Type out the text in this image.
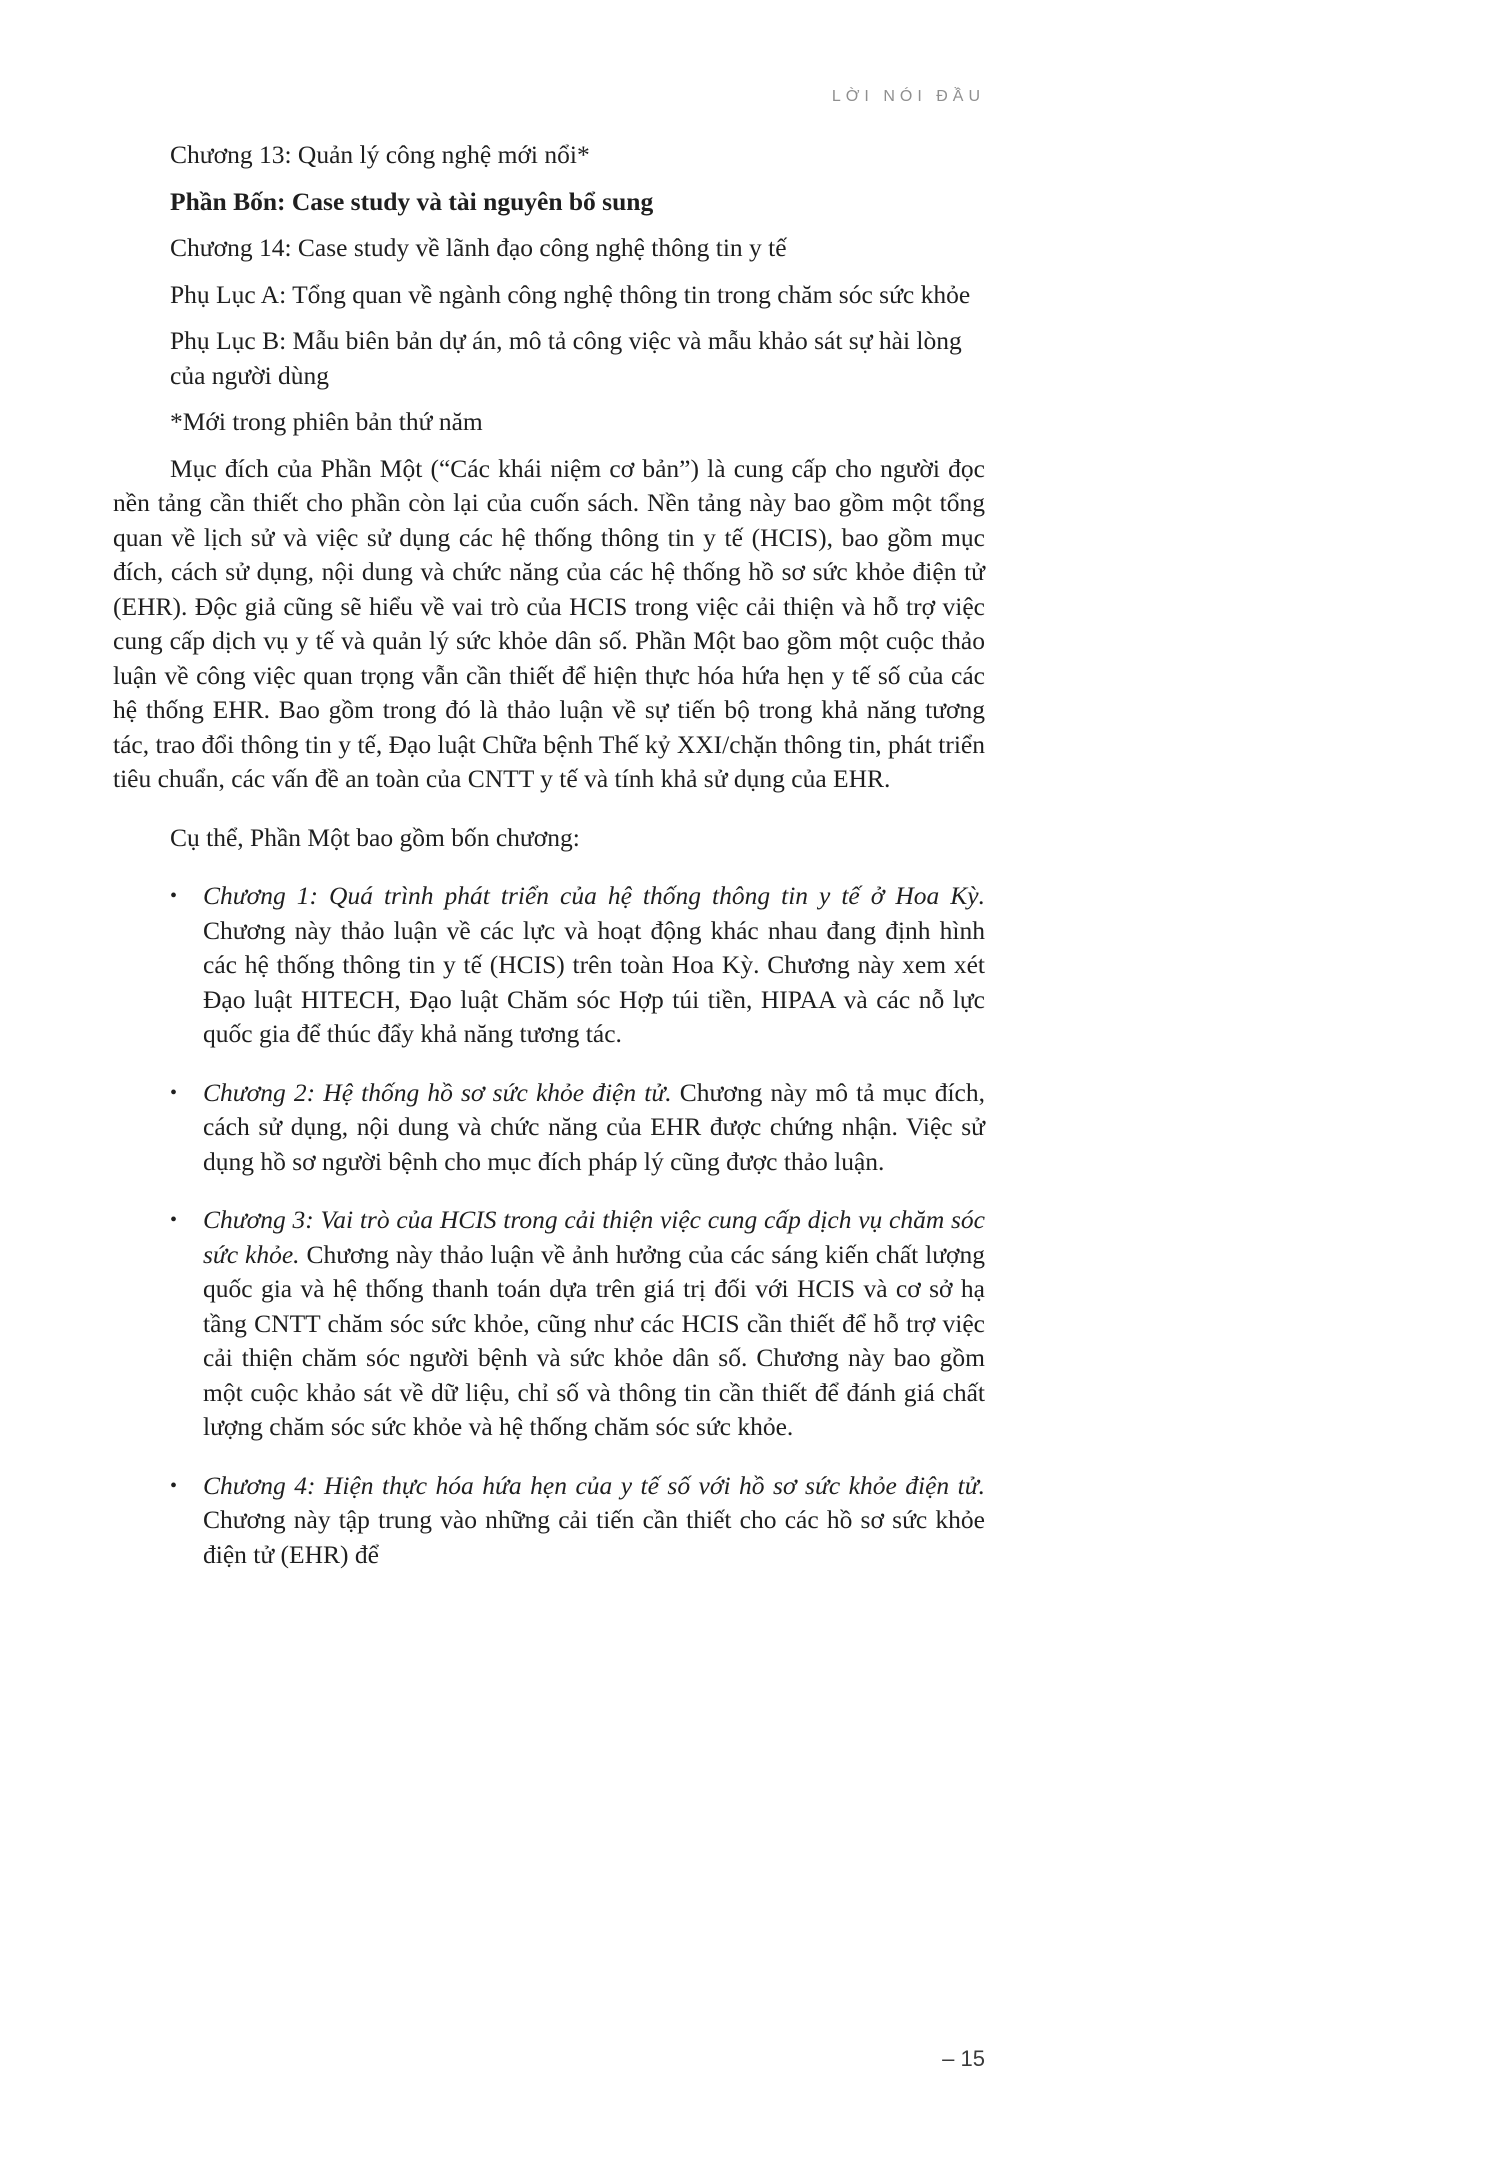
LỜI NÓI ĐẦU

Chương 13: Quản lý công nghệ mới nổi*

Phần Bốn: Case study và tài nguyên bổ sung

Chương 14: Case study về lãnh đạo công nghệ thông tin y tế

Phụ Lục A: Tổng quan về ngành công nghệ thông tin trong chăm sóc sức khỏe

Phụ Lục B: Mẫu biên bản dự án, mô tả công việc và mẫu khảo sát sự hài lòng của người dùng

*Mới trong phiên bản thứ năm

Mục đích của Phần Một (“Các khái niệm cơ bản”) là cung cấp cho người đọc nền tảng cần thiết cho phần còn lại của cuốn sách. Nền tảng này bao gồm một tổng quan về lịch sử và việc sử dụng các hệ thống thông tin y tế (HCIS), bao gồm mục đích, cách sử dụng, nội dung và chức năng của các hệ thống hồ sơ sức khỏe điện tử (EHR). Độc giả cũng sẽ hiểu về vai trò của HCIS trong việc cải thiện và hỗ trợ việc cung cấp dịch vụ y tế và quản lý sức khỏe dân số. Phần Một bao gồm một cuộc thảo luận về công việc quan trọng vẫn cần thiết để hiện thực hóa hứa hẹn y tế số của các hệ thống EHR. Bao gồm trong đó là thảo luận về sự tiến bộ trong khả năng tương tác, trao đổi thông tin y tế, Đạo luật Chữa bệnh Thế kỷ XXI/chặn thông tin, phát triển tiêu chuẩn, các vấn đề an toàn của CNTT y tế và tính khả sử dụng của EHR.

Cụ thể, Phần Một bao gồm bốn chương:

•	Chương 1: Quá trình phát triển của hệ thống thông tin y tế ở Hoa Kỳ. Chương này thảo luận về các lực và hoạt động khác nhau đang định hình các hệ thống thông tin y tế (HCIS) trên toàn Hoa Kỳ. Chương này xem xét Đạo luật HITECH, Đạo luật Chăm sóc Hợp túi tiền, HIPAA và các nỗ lực quốc gia để thúc đẩy khả năng tương tác.
•	Chương 2: Hệ thống hồ sơ sức khỏe điện tử. Chương này mô tả mục đích, cách sử dụng, nội dung và chức năng của EHR được chứng nhận. Việc sử dụng hồ sơ người bệnh cho mục đích pháp lý cũng được thảo luận.
•	Chương 3: Vai trò của HCIS trong cải thiện việc cung cấp dịch vụ chăm sóc sức khỏe. Chương này thảo luận về ảnh hưởng của các sáng kiến chất lượng quốc gia và hệ thống thanh toán dựa trên giá trị đối với HCIS và cơ sở hạ tầng CNTT chăm sóc sức khỏe, cũng như các HCIS cần thiết để hỗ trợ việc cải thiện chăm sóc người bệnh và sức khỏe dân số. Chương này bao gồm một cuộc khảo sát về dữ liệu, chỉ số và thông tin cần thiết để đánh giá chất lượng chăm sóc sức khỏe và hệ thống chăm sóc sức khỏe.
•	Chương 4: Hiện thực hóa hứa hẹn của y tế số với hồ sơ sức khỏe điện tử. Chương này tập trung vào những cải tiến cần thiết cho các hồ sơ sức khỏe điện tử (EHR) để
– 15
